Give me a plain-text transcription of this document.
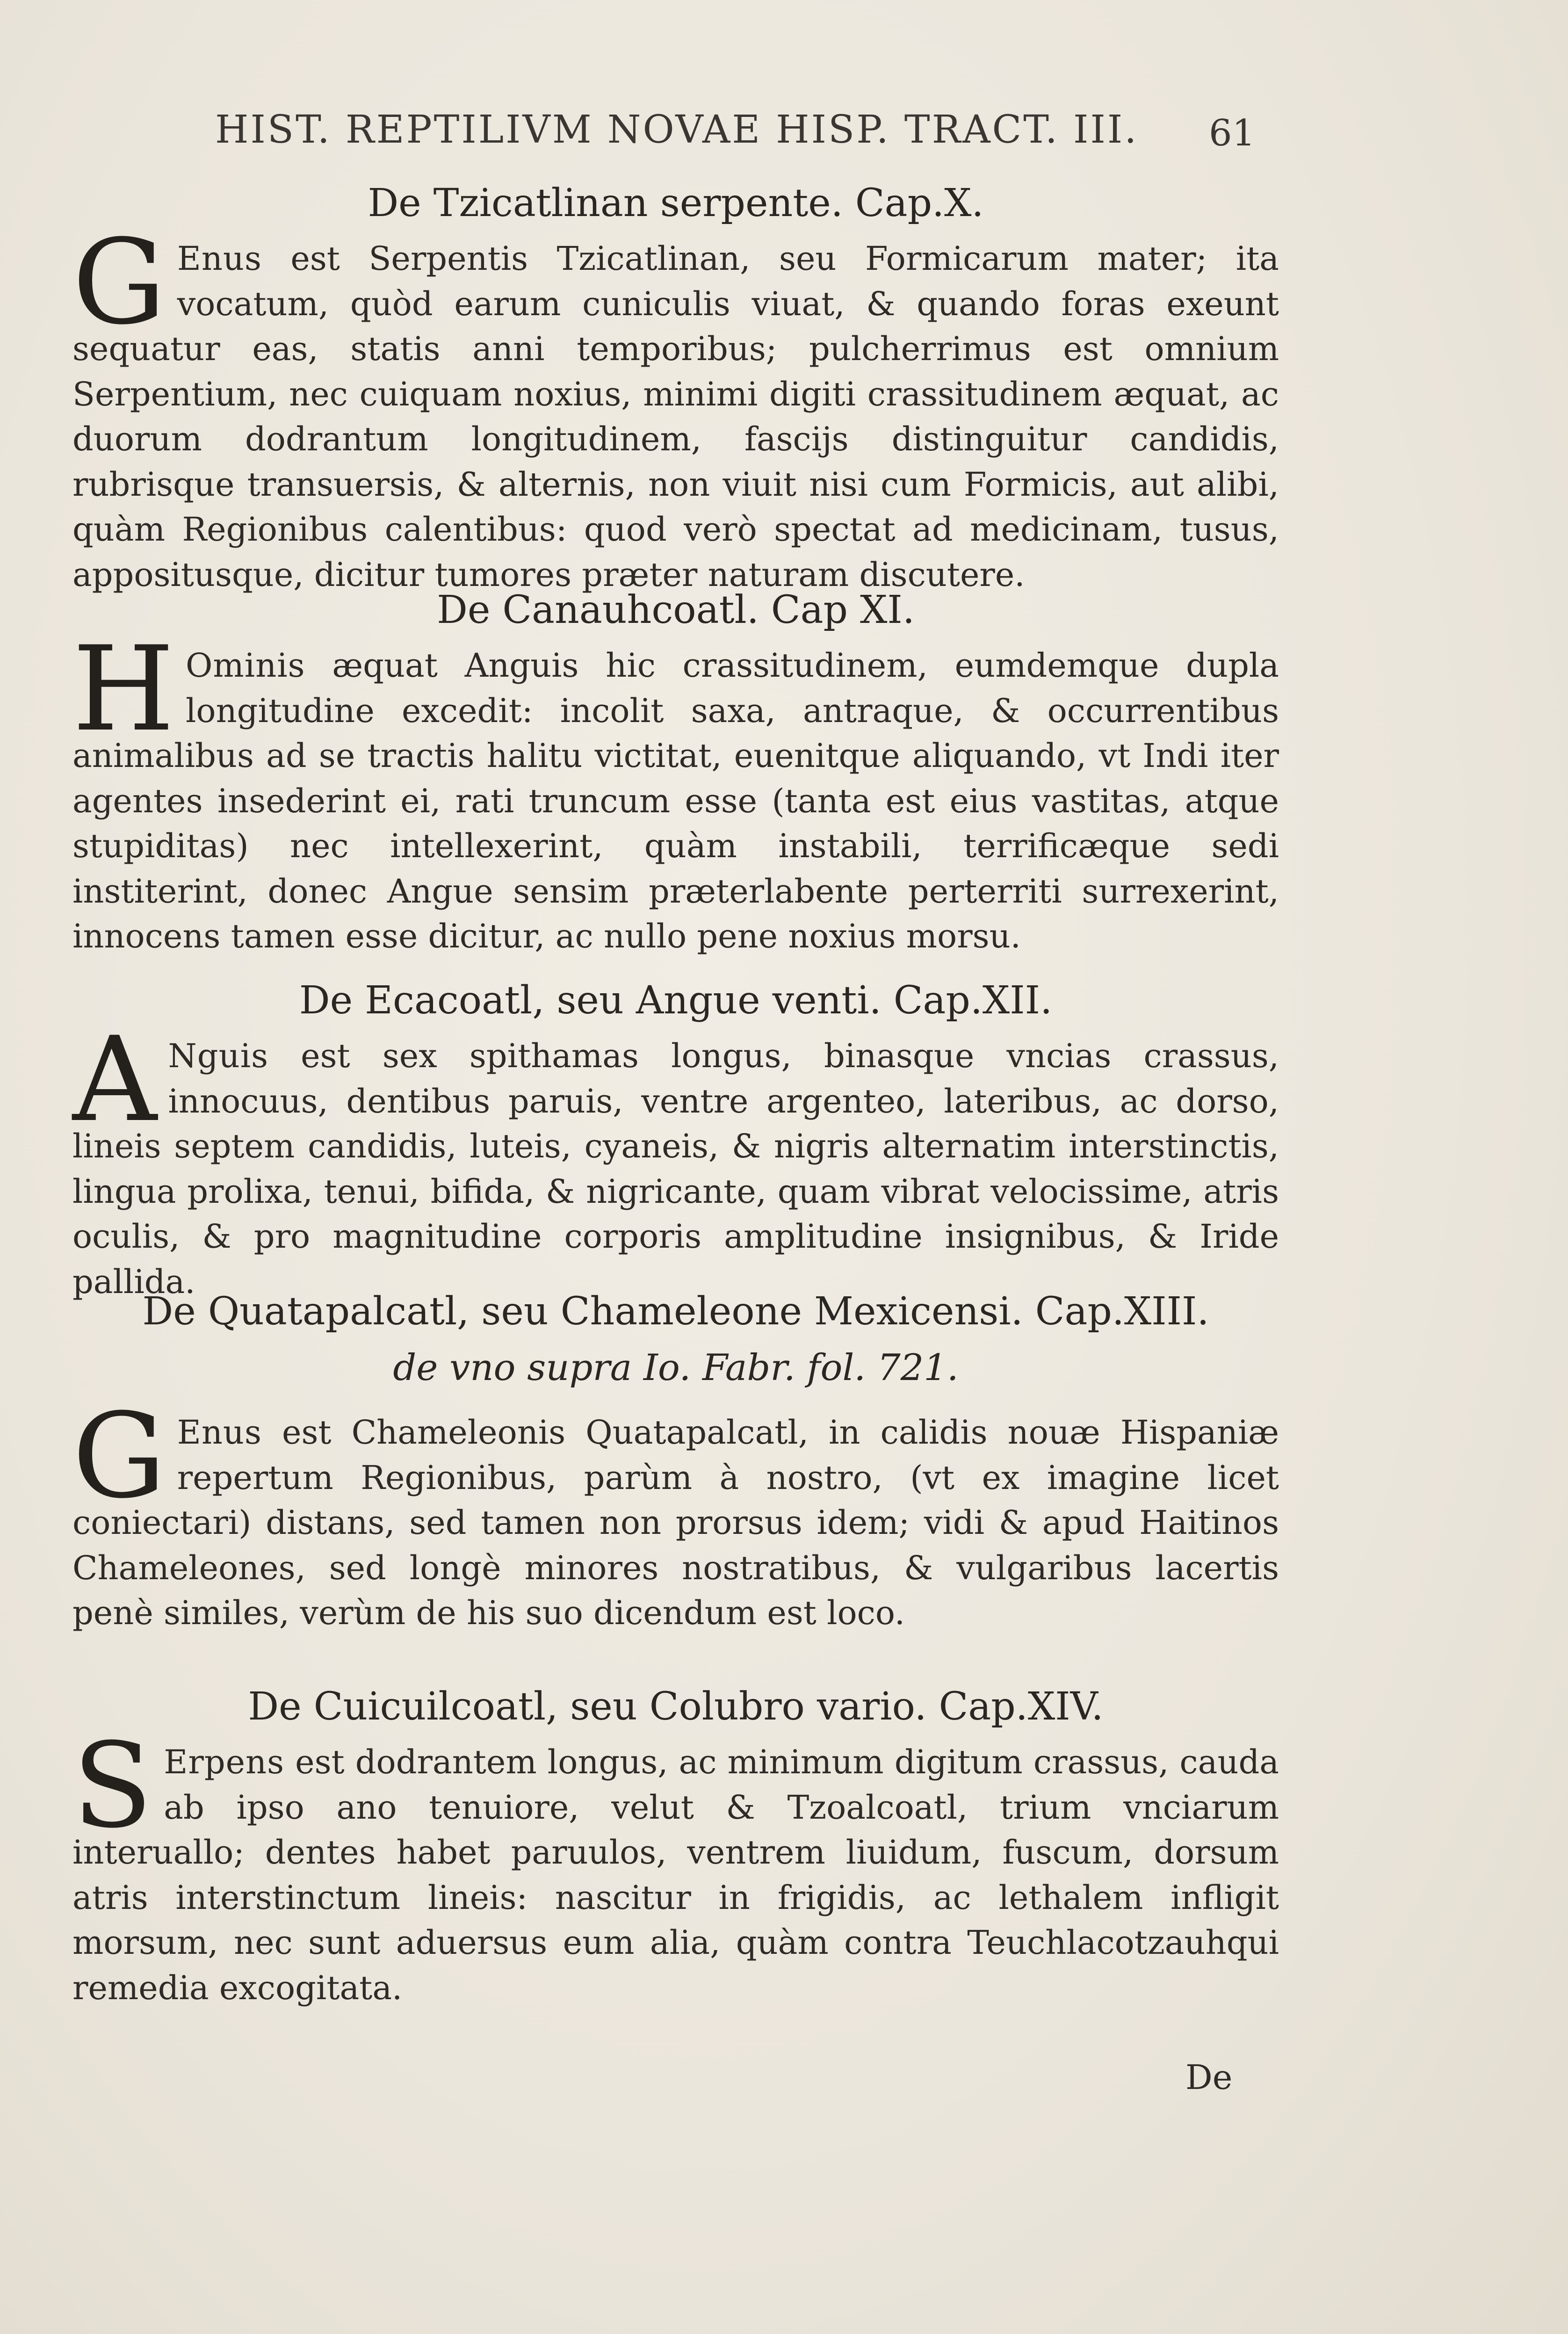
HIST. REPTILIVM NOVAE HISP. TRACT. III.	61
De Tzicatlinan serpente. Cap.X.

G Enus est Serpentis Tzicatlinan, seu Formicarum mater; ita vocatum, quòd earum cuniculis viuat, & quando foras exeunt sequatur eas, statis anni temporibus; pulcherrimus est omnium Serpentium, nec cuiquam noxius, minimi digiti crassitudinem æquat, ac duorum dodrantum longitudinem, fascijs distinguitur candidis, rubrisque transuersis, & alternis, non viuit nisi cum Formicis, aut alibi, quàm Regionibus calentibus: quod verò spectat ad medicinam, tusus, appositusque, dicitur tumores præter naturam discutere.

De Canauhcoatl. Cap XI.

H Ominis æquat Anguis hic crassitudinem, eumdemque dupla longitudine excedit: incolit saxa, antraque, & occurrentibus animalibus ad se tractis halitu victitat, euenitque aliquando, vt Indi iter agentes insederint ei, rati truncum esse (tanta est eius vastitas, atque stupiditas) nec intellexerint, quàm instabili, terrificæque sedi institerint, donec Angue sensim præterlabente perterriti surrexerint, innocens tamen esse dicitur, ac nullo pene noxius morsu.

De Ecacoatl, seu Angue venti. Cap.XII.

A Nguis est sex spithamas longus, binasque vncias crassus, innocuus, dentibus paruis, ventre argenteo, lateribus, ac dorso, lineis septem candidis, luteis, cyaneis, & nigris alternatim interstinctis, lingua prolixa, tenui, bifida, & nigricante, quam vibrat velocissime, atris oculis, & pro magnitudine corporis amplitudine insignibus, & Iride pallida.

De Quatapalcatl, seu Chameleone Mexicensi. Cap.XIII.
de vno supra Io. Fabr. fol. 721.

G Enus est Chameleonis Quatapalcatl, in calidis nouæ Hispaniæ repertum Regionibus, parùm à nostro, (vt ex imagine licet coniectari) distans, sed tamen non prorsus idem; vidi & apud Haitinos Chameleones, sed longè minores nostratibus, & vulgaribus lacertis penè similes, verùm de his suo dicendum est loco.

De Cuicuilcoatl, seu Colubro vario. Cap.XIV.

S Erpens est dodrantem longus, ac minimum digitum crassus, cauda ab ipso ano tenuiore, velut & Tzoalcoatl, trium vnciarum interuallo; dentes habet paruulos, ventrem liuidum, fuscum, dorsum atris interstinctum lineis: nascitur in frigidis, ac lethalem infligit morsum, nec sunt aduersus eum alia, quàm contra Teuchlacotzauhqui remedia excogitata.

De
